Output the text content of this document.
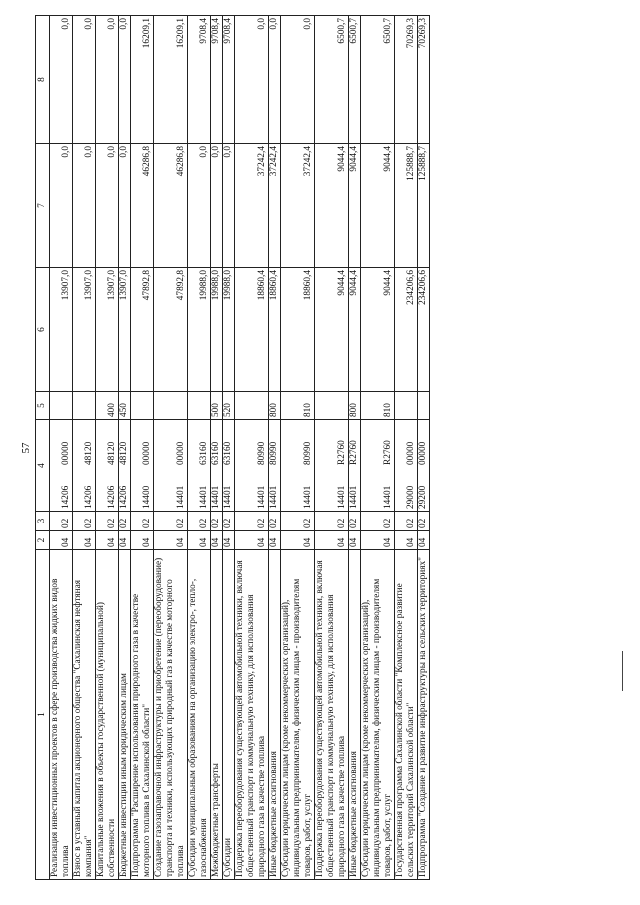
57
1	2	3	4	5	6	7	8
Реализация инвестиционных проектов в сфере производства жидких видов топлива	04	02	1420600000		13907,0	0,0	0,0
Взнос в уставный капитал акционерного общества "Сахалинская нефтяная компания"	04	02	1420648120		13907,0	0,0	0,0
Капитальные вложения в объекты государственной (муниципальной) собственности	04	02	1420648120	400	13907,0	0,0	0,0
Бюджетные инвестиции иным юридическим лицам	04	02	1420648120	450	13907,0	0,0	0,0
Подпрограмма "Расширение использования природного газа в качестве моторного топлива в Сахалинской области"	04	02	1440000000		47892,8	46286,8	16209,1
Создание газозаправочной инфраструктуры и приобретение (переоборудование) транспорта и техники, использующих природный газ в качестве моторного топлива	04	02	1440100000		47892,8	46286,8	16209,1
Субсидии муниципальным образованиям на организацию электро-, тепло-, газоснабжения	04	02	1440163160		19988,0	0,0	9708,4
Межбюджетные трансферты	04	02	1440163160	500	19988,0	0,0	9708,4
Субсидии	04	02	1440163160	520	19988,0	0,0	9708,4
Поддержка переоборудования существующей автомобильной техники, включая общественный транспорт и коммунальную технику, для использования природного газа в качестве топлива	04	02	1440180990		18860,4	37242,4	0,0
Иные бюджетные ассигнования	04	02	1440180990	800	18860,4	37242,4	0,0
Субсидии юридическим лицам (кроме некоммерческих организаций), индивидуальным предпринимателям, физическим лицам - производителям товаров, работ, услуг	04	02	1440180990	810	18860,4	37242,4	0,0
Поддержка переоборудования существующей автомобильной техники, включая общественный транспорт и коммунальную технику, для использования природного газа в качестве топлива	04	02	14401R2760		9044,4	9044,4	6500,7
Иные бюджетные ассигнования	04	02	14401R2760	800	9044,4	9044,4	6500,7
Субсидии юридическим лицам (кроме некоммерческих организаций), индивидуальным предпринимателям, физическим лицам - производителям товаров, работ, услуг	04	02	14401R2760	810	9044,4	9044,4	6500,7
Государственная программа Сахалинской области "Комплексное развитие сельских территорий Сахалинской области"	04	02	2900000000		234206,6	125888,7	70269,3
Подпрограмма "Создание и развитие инфраструктуры на сельских территориях"	04	02	2920000000		234206,6	125888,7	70269,3
